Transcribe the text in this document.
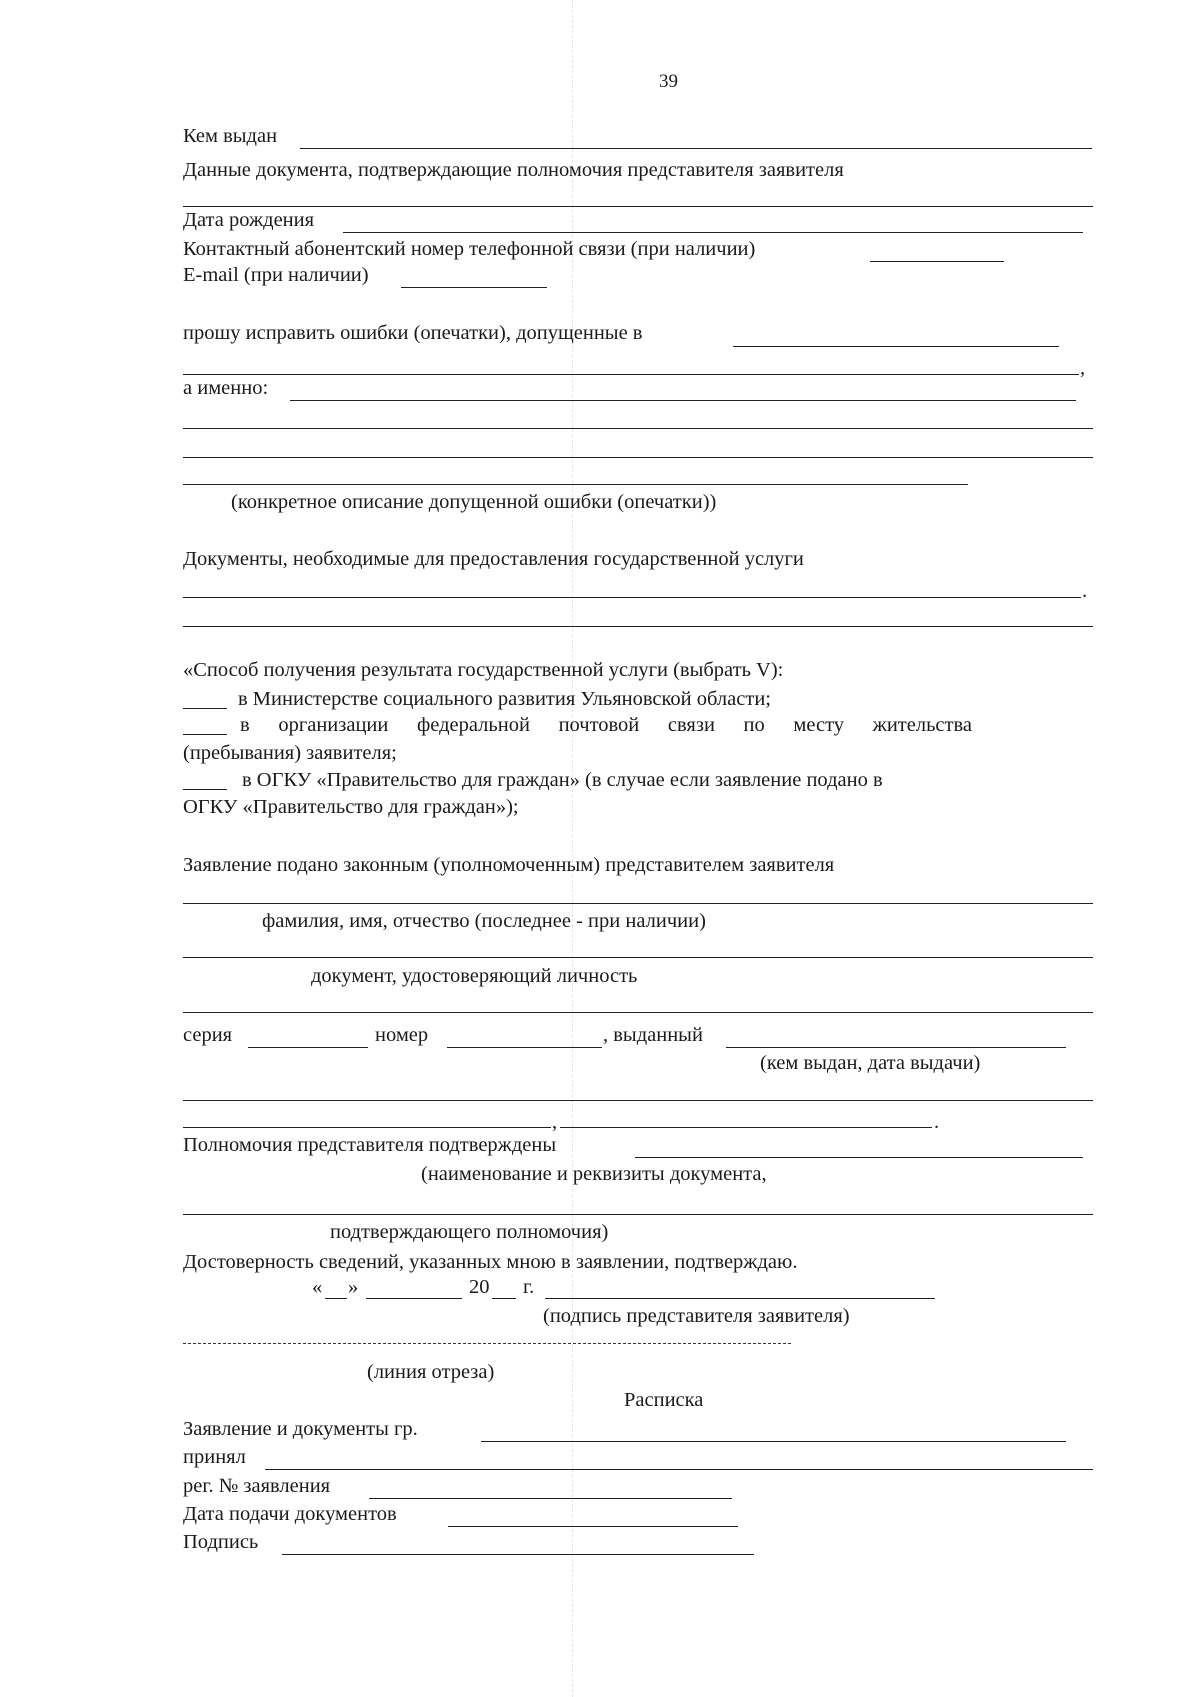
39
Кем выдан
Данные документа, подтверждающие полномочия представителя заявителя
Дата рождения
Контактный абонентский номер телефонной связи (при наличии)
E-mail (при наличии)
прошу исправить ошибки (опечатки), допущенные в
,
а именно:
(конкретное описание допущенной ошибки (опечатки))
Документы, необходимые для предоставления государственной услуги
.
«Способ получения результата государственной услуги (выбрать V):
в Министерстве социального развития Ульяновской области;
в организации федеральной почтовой связи по месту жительства
(пребывания) заявителя;
в ОГКУ «Правительство для граждан» (в случае если заявление подано в
ОГКУ «Правительство для граждан»);
Заявление подано законным (уполномоченным) представителем заявителя
фамилия, имя, отчество (последнее - при наличии)
документ, удостоверяющий личность
серия	номер	, выданный
(кем выдан, дата выдачи)
,	.
Полномочия представителя подтверждены
(наименование и реквизиты документа,
подтверждающего полномочия)
Достоверность сведений, указанных мною в заявлении, подтверждаю.
« »	20 г.
(подпись представителя заявителя)
(линия отреза)
Расписка
Заявление и документы гр.
принял
рег. № заявления
Дата подачи документов
Подпись
